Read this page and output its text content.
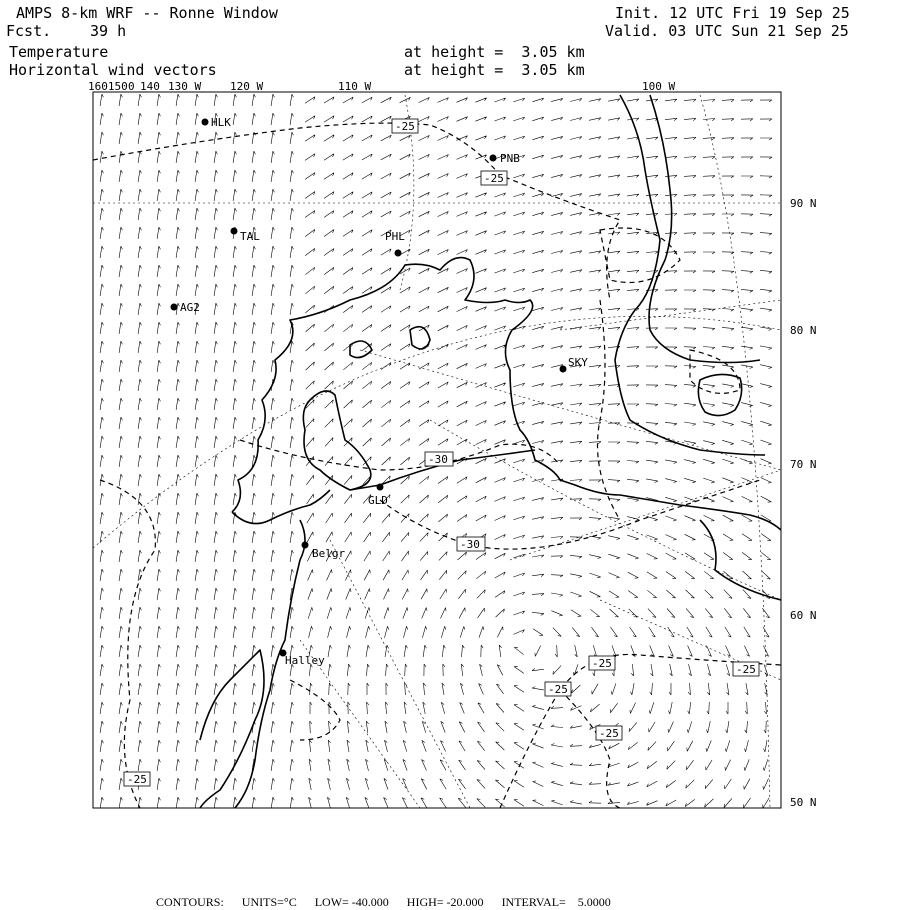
AMPS 8-km WRF -- Ronne Window
Fcst.	39 h
Temperature
Horizontal wind vectors
at height =  3.05 km
at height =  3.05 km
Init. 12 UTC Fri 19 Sep 25
Valid. 03 UTC Sun 21 Sep 25
160150 0 140 130 W	120 W	110 W	100 W
90 N
80 N
70 N
60 N
50 N
HLK
PNB
TAL	PHL
AG2
SKY
GLD
Belgr
Halley
-25
-25
-30
-30
-25	-25
-25
-25
-25

CONTOURS: UNITS=°C LOW= -40.000 HIGH= -20.000 INTERVAL=    5.0000
